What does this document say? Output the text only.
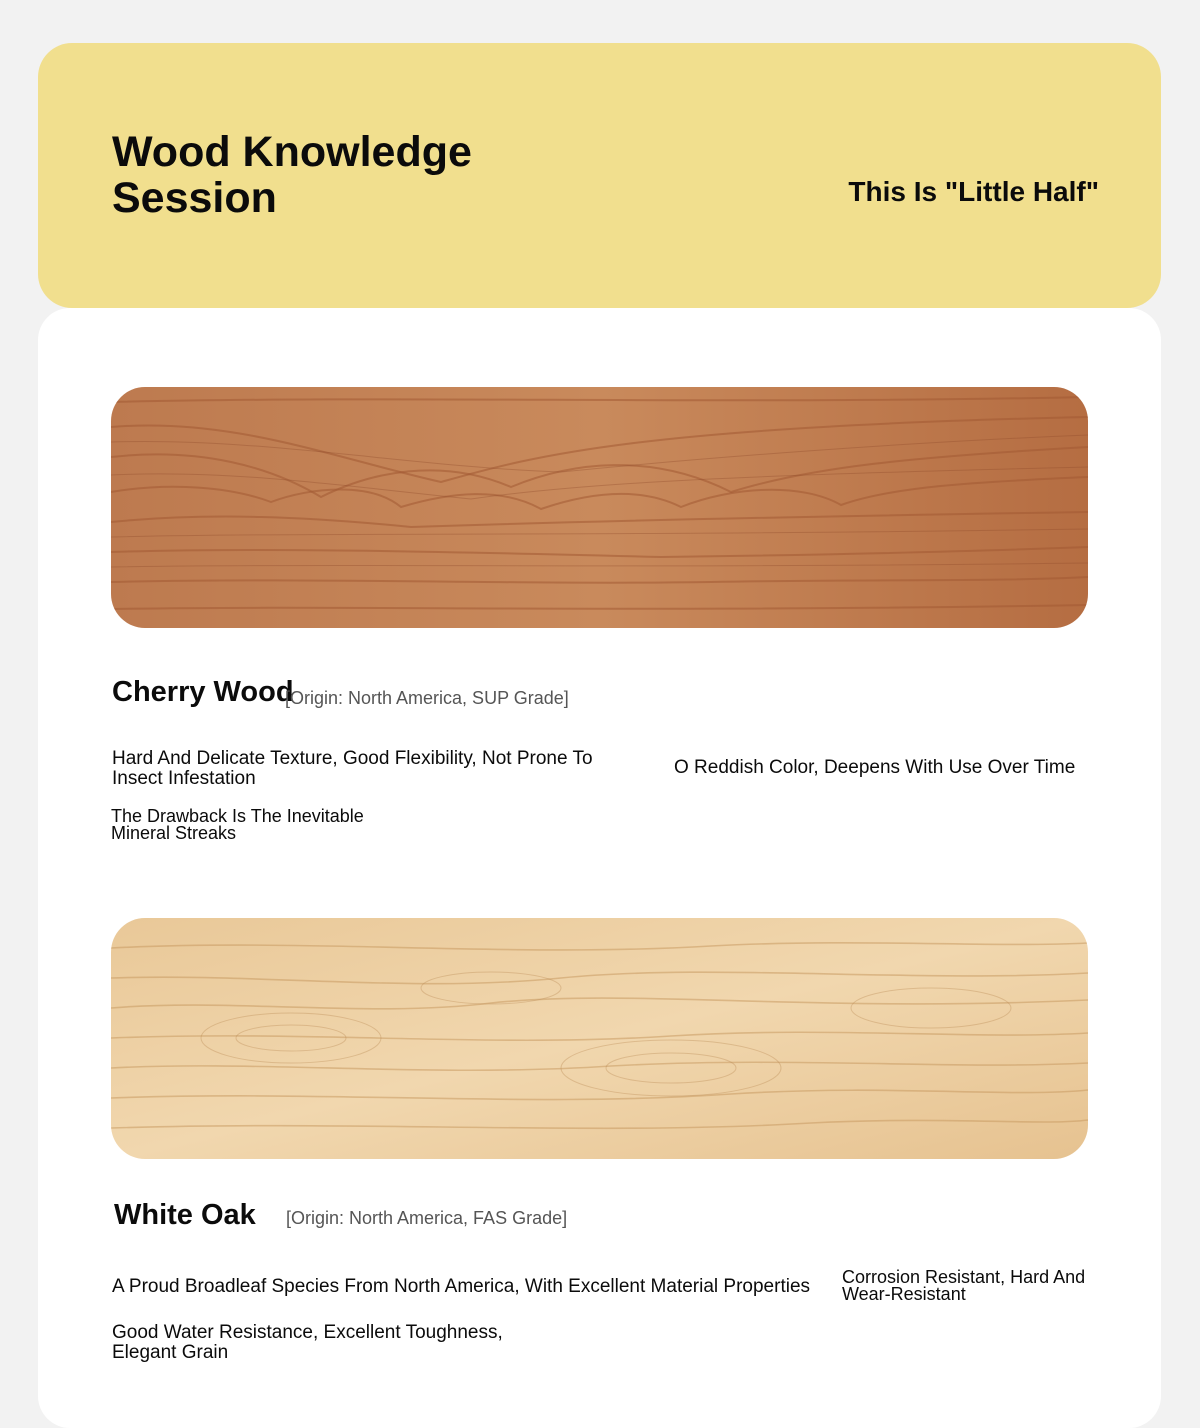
Wood Knowledge Session	This Is "Little Half"
Cherry Wood
[Origin: North America, SUP Grade]

Hard And Delicate Texture, Good Flexibility, Not Prone To Insect Infestation

O Reddish Color, Deepens With Use Over Time

The Drawback Is The Inevitable Mineral Streaks

White Oak [Origin: North America, FAS Grade]

A Proud Broadleaf Species From North America, With Excellent Material Properties	Corrosion Resistant, Hard And Wear-Resistant

Good Water Resistance, Excellent Toughness, Elegant Grain
